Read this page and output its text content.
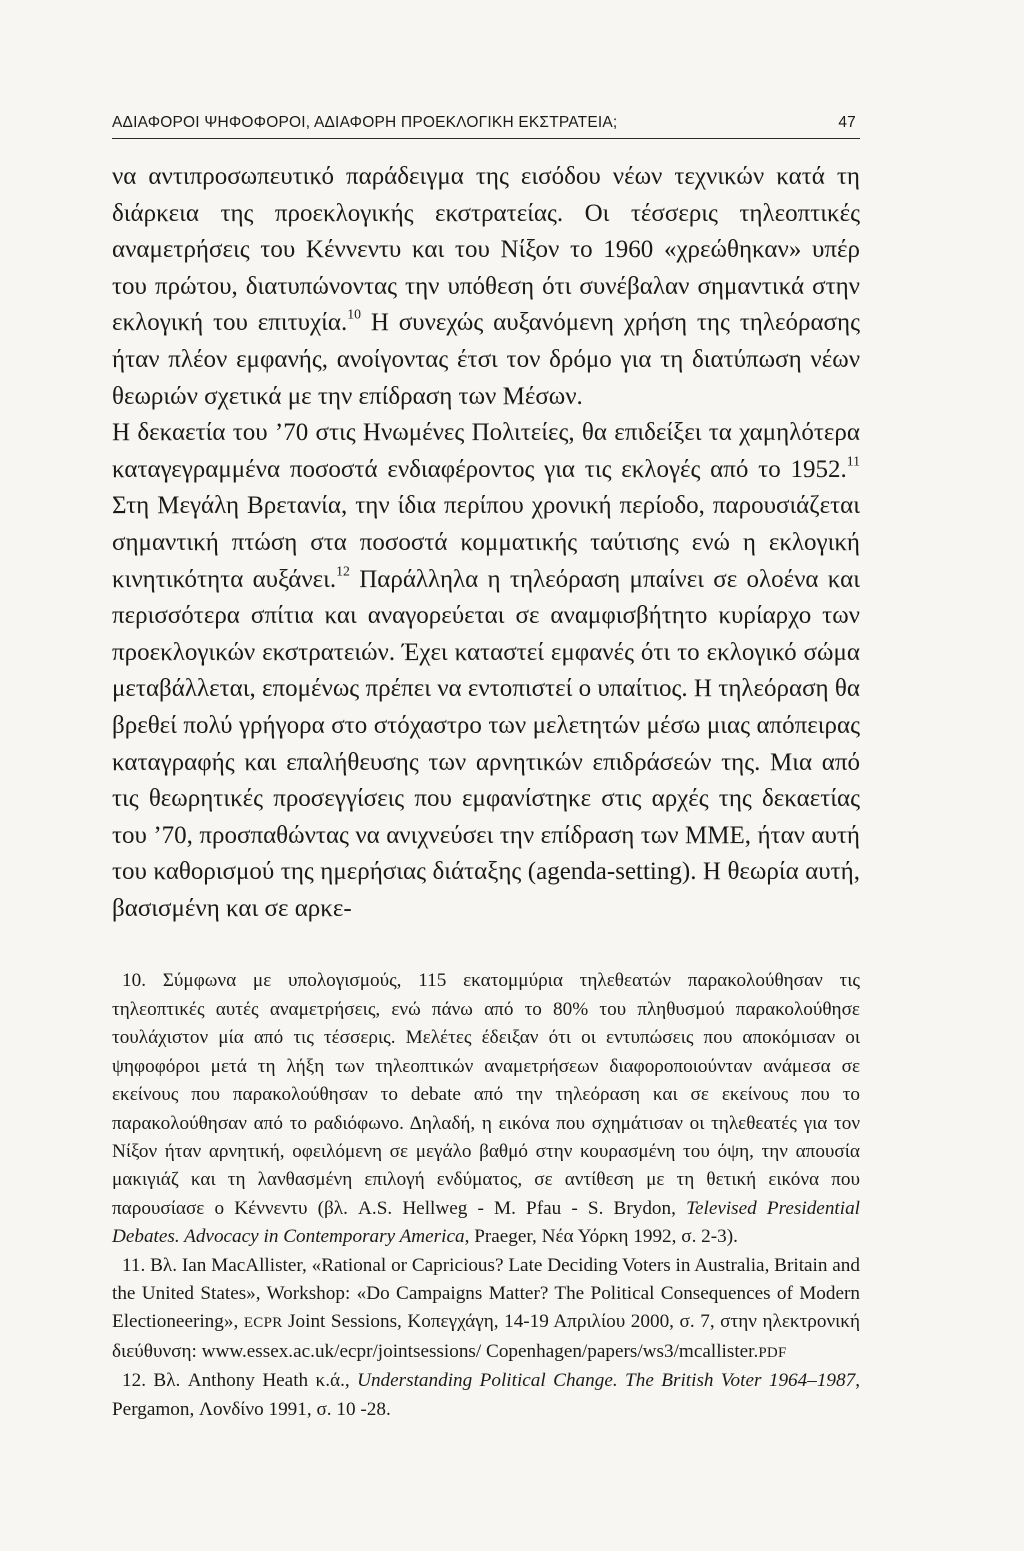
ΑΔΙΑΦΟΡΟΙ ΨΗΦΟΦΟΡΟΙ, ΑΔΙΑΦΟΡΗ ΠΡΟΕΚΛΟΓΙΚΗ ΕΚΣΤΡΑΤΕΙΑ;	47

να αντιπροσωπευτικό παράδειγμα της εισόδου νέων τεχνικών κατά τη διάρκεια της προεκλογικής εκστρατείας. Οι τέσσερις τηλεοπτικές αναμετρήσεις του Κέννεντυ και του Νίξον το 1960 «χρεώθηκαν» υπέρ του πρώτου, διατυπώνοντας την υπόθεση ότι συνέβαλαν σημαντικά στην εκλογική του επιτυχία.$^{10}$ Η συνεχώς αυξανόμενη χρήση της τηλεόρασης ήταν πλέον εμφανής, ανοίγοντας έτσι τον δρόμο για τη διατύπωση νέων θεωριών σχετικά με την επίδραση των Μέσων.

Η δεκαετία του ’70 στις Ηνωμένες Πολιτείες, θα επιδείξει τα χαμηλότερα καταγεγραμμένα ποσοστά ενδιαφέροντος για τις εκλογές από το 1952.11 Στη Μεγάλη Βρετανία, την ίδια περίπου χρονική περίοδο, παρουσιάζεται σημαντική πτώση στα ποσοστά κομματικής ταύτισης ενώ η εκλογική κινητικότητα αυξάνει.$^{12}$ Παράλληλα η τηλεόραση μπαίνει σε ολοένα και περισσότερα σπίτια και αναγορεύεται σε αναμφισβήτητο κυρίαρχο των προεκλογικών εκστρατειών. Έχει καταστεί εμφανές ότι το εκλογικό σώμα μεταβάλλεται, επομένως πρέπει να εντοπιστεί ο υπαίτιος. Η τηλεόραση θα βρεθεί πολύ γρήγορα στο στόχαστρο των μελετητών μέσω μιας απόπειρας καταγραφής και επαλήθευσης των αρνητικών επιδράσεών της. Μια από τις θεωρητικές προσεγγίσεις που εμφανίστηκε στις αρχές της δεκαετίας του ’70, προσπαθώντας να ανιχνεύσει την επίδραση των ΜΜΕ, ήταν αυτή του καθορισμού της ημερήσιας διάταξης (agenda-setting). Η θεωρία αυτή, βασισμένη και σε αρκε-

10. Σύμφωνα με υπολογισμούς, 115 εκατομμύρια τηλεθεατών παρακολούθησαν τις τηλεοπτικές αυτές αναμετρήσεις, ενώ πάνω από το 80% του πληθυσμού παρακολούθησε τουλάχιστον μία από τις τέσσερις. Μελέτες έδειξαν ότι οι εντυπώσεις που αποκόμισαν οι ψηφοφόροι μετά τη λήξη των τηλεοπτικών αναμετρήσεων διαφοροποιούνταν ανάμεσα σε εκείνους που παρακολούθησαν το debate από την τηλεόραση και σε εκείνους που το παρακολούθησαν από το ραδιόφωνο. Δηλαδή, η εικόνα που σχημάτισαν οι τηλεθεατές για τον Νίξον ήταν αρνητική, οφειλόμενη σε μεγάλο βαθμό στην κουρασμένη του όψη, την απουσία μακιγιάζ και τη λανθασμένη επιλογή ενδύματος, σε αντίθεση με τη θετική εικόνα που παρουσίασε ο Κέννεντυ (βλ. A.S. Hellweg - M. Pfau - S. Brydon, Televised Presidential Debates. Advocacy in Contemporary America, Praeger, Νέα Υόρκη 1992, σ. 2-3).

11. Βλ. Ian MacAllister, «Rational or Capricious? Late Deciding Voters in Australia, Britain and the United States», Workshop: «Do Campaigns Matter? The Political Consequences of Modern Electioneering», ECPR Joint Sessions, Κοπεγχάγη, 14-19 Απριλίου 2000, σ. 7, στην ηλεκτρονική διεύθυνση: www.essex.ac.uk/ecpr/jointsessions/ Copenhagen/papers/ws3/mcallister.PDF

12. Βλ. Anthony Heath κ.ά., Understanding Political Change. The British Voter 1964–1987, Pergamon, Λονδίνο 1991, σ. 10 -28.
